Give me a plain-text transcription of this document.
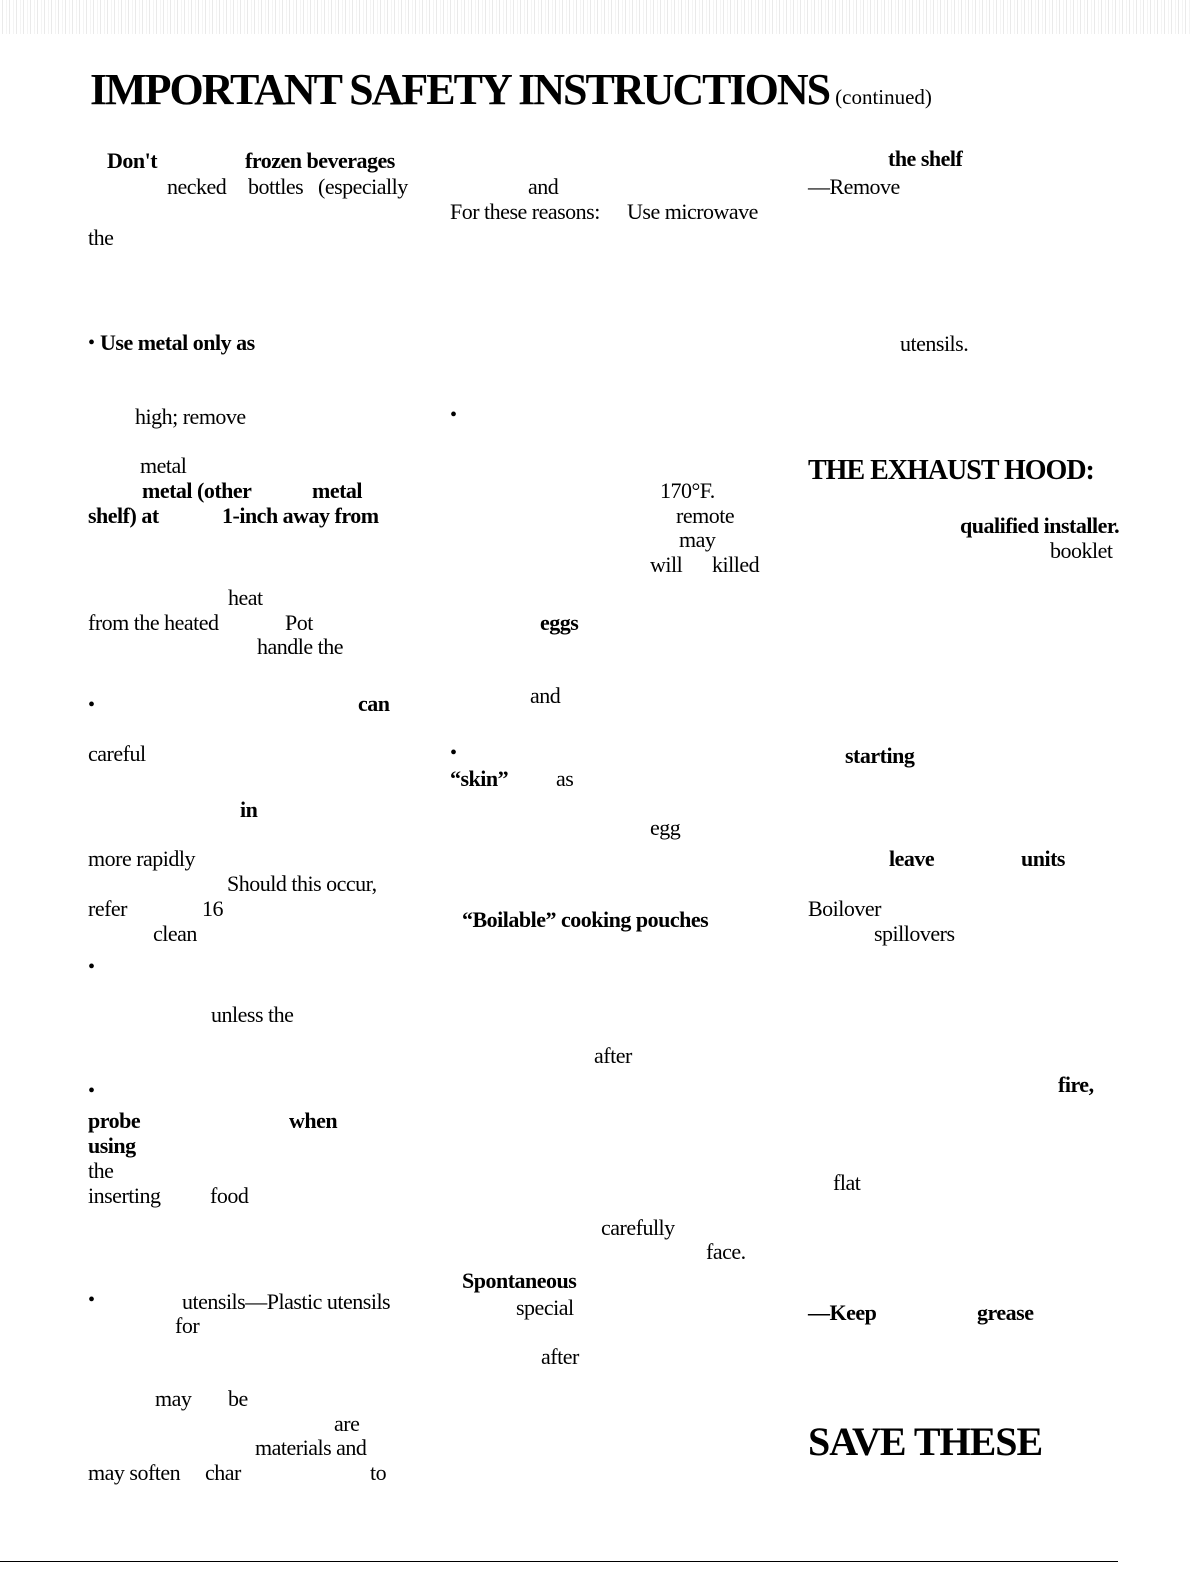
IMPORTANT SAFETY INSTRUCTIONS (continued)
Don't	frozen beverages
necked bottles (especially
the
• Use metal only as
high; remove
metal
metal (other	metal
shelf) at	1-inch away from
heat
from the heated	Pot
handle the
•	can
careful
in
more rapidly
Should this occur,
refer	16
clean
•
unless the
•
probe	when
using
the
inserting food
•	utensils—Plastic utensils
for
may be
are
materials and
may soften char	to
and
For these reasons: Use microwave
•
170°F.
remote
may
will killed
eggs
and
•
“skin” as
egg
“Boilable” cooking pouches
after
carefully
face.
Spontaneous
special
after
the shelf
—Remove
utensils.
THE EXHAUST HOOD:
qualified installer.
booklet
starting
leave	units
Boilover
spillovers
fire,
flat
—Keep	grease
SAVE THESE
